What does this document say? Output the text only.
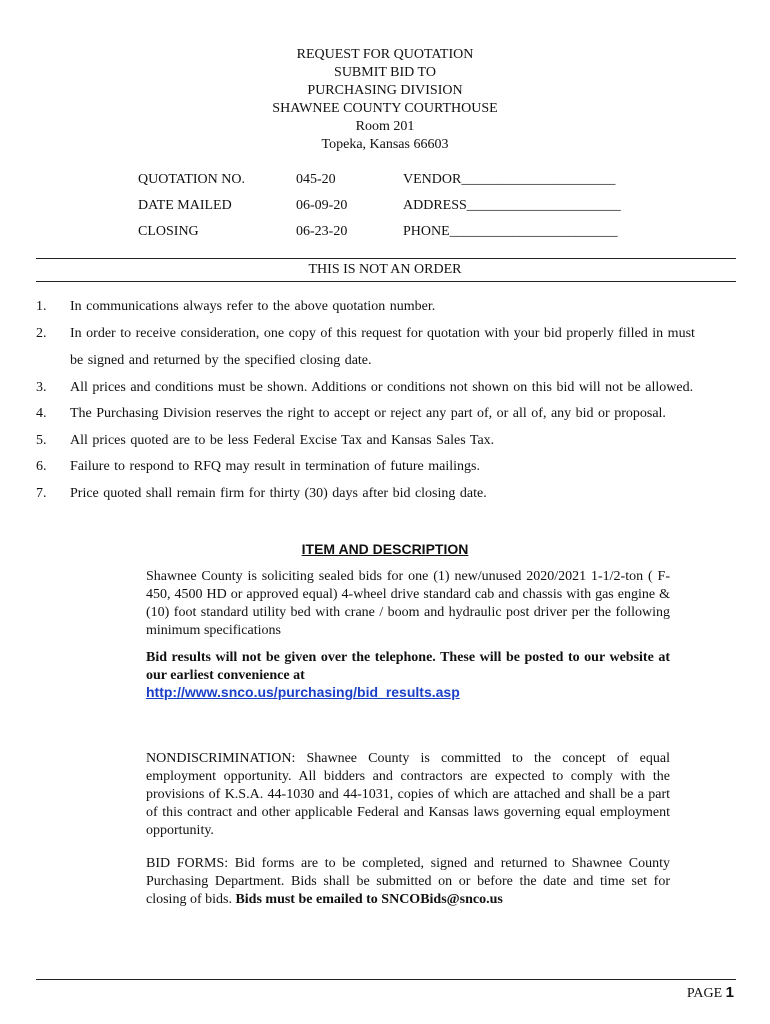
REQUEST FOR QUOTATION
SUBMIT BID TO
PURCHASING DIVISION
SHAWNEE COUNTY COURTHOUSE
Room 201
Topeka, Kansas 66603
QUOTATION NO.	045-20	VENDOR______________________
DATE MAILED	06-09-20	ADDRESS______________________
CLOSING	06-23-20	PHONE________________________
THIS IS NOT AN ORDER
1. In communications always refer to the above quotation number.
2. In order to receive consideration, one copy of this request for quotation with your bid properly filled in must
be signed and returned by the specified closing date.
3. All prices and conditions must be shown. Additions or conditions not shown on this bid will not be allowed.
4. The Purchasing Division reserves the right to accept or reject any part of, or all of, any bid or proposal.
5. All prices quoted are to be less Federal Excise Tax and Kansas Sales Tax.
6. Failure to respond to RFQ may result in termination of future mailings.
7. Price quoted shall remain firm for thirty (30) days after bid closing date.
ITEM AND DESCRIPTION
Shawnee County is soliciting sealed bids for one (1) new/unused 2020/2021 1-1/2-ton ( F-450, 4500 HD or approved equal) 4-wheel drive standard cab and chassis with gas engine & (10) foot standard utility bed with crane / boom and hydraulic post driver per the following minimum specifications
Bid results will not be given over the telephone. These will be posted to our website at our earliest convenience at
http://www.snco.us/purchasing/bid_results.asp
NONDISCRIMINATION: Shawnee County is committed to the concept of equal employment opportunity. All bidders and contractors are expected to comply with the provisions of K.S.A. 44-1030 and 44-1031, copies of which are attached and shall be a part of this contract and other applicable Federal and Kansas laws governing equal employment opportunity.
BID FORMS: Bid forms are to be completed, signed and returned to Shawnee County Purchasing Department. Bids shall be submitted on or before the date and time set for closing of bids. Bids must be emailed to SNCOBids@snco.us
PAGE 1
